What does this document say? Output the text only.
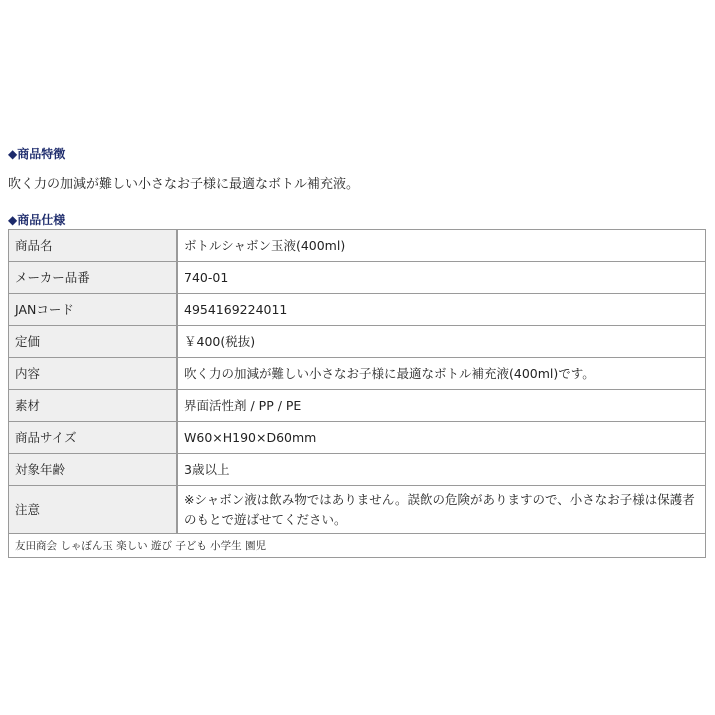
◆商品特徴
吹く力の加減が難しい小さなお子様に最適なボトル補充液。
◆商品仕様
商品名	ボトルシャボン玉液(400ml)
メーカー品番	740-01
JANコード	4954169224011
定価	￥400(税抜)
内容	吹く力の加減が難しい小さなお子様に最適なボトル補充液(400ml)です。
素材	界面活性剤 / PP / PE
商品サイズ	W60×H190×D60mm
対象年齢	3歳以上
注意	※シャボン液は飲み物ではありません。誤飲の危険がありますので、小さなお子様は保護者のもとで遊ばせてください。
友田商会 しゃぼん玉 楽しい 遊び 子ども 小学生 園児	
